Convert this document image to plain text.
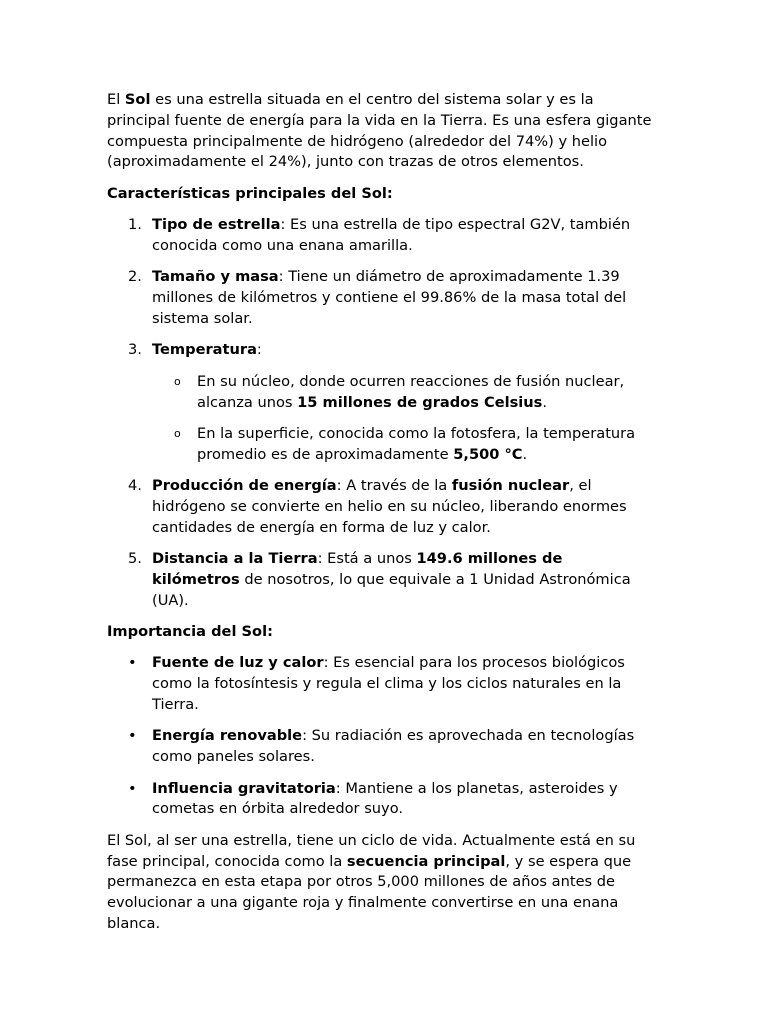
El Sol es una estrella situada en el centro del sistema solar y es la principal fuente de energía para la vida en la Tierra. Es una esfera gigante compuesta principalmente de hidrógeno (alrededor del 74%) y helio (aproximadamente el 24%), junto con trazas de otros elementos.

Características principales del Sol:

1. Tipo de estrella: Es una estrella de tipo espectral G2V, también conocida como una enana amarilla.
2. Tamaño y masa: Tiene un diámetro de aproximadamente 1.39 millones de kilómetros y contiene el 99.86% de la masa total del sistema solar.
3. Temperatura:
o En su núcleo, donde ocurren reacciones de fusión nuclear, alcanza unos 15 millones de grados Celsius.
o En la superficie, conocida como la fotosfera, la temperatura promedio es de aproximadamente 5,500 °C.
4. Producción de energía: A través de la fusión nuclear, el hidrógeno se convierte en helio en su núcleo, liberando enormes cantidades de energía en forma de luz y calor.
5. Distancia a la Tierra: Está a unos 149.6 millones de kilómetros de nosotros, lo que equivale a 1 Unidad Astronómica (UA).

Importancia del Sol:

• Fuente de luz y calor: Es esencial para los procesos biológicos como la fotosíntesis y regula el clima y los ciclos naturales en la Tierra.
• Energía renovable: Su radiación es aprovechada en tecnologías como paneles solares.
• Influencia gravitatoria: Mantiene a los planetas, asteroides y cometas en órbita alrededor suyo.

El Sol, al ser una estrella, tiene un ciclo de vida. Actualmente está en su fase principal, conocida como la secuencia principal, y se espera que permanezca en esta etapa por otros 5,000 millones de años antes de evolucionar a una gigante roja y finalmente convertirse en una enana blanca.
